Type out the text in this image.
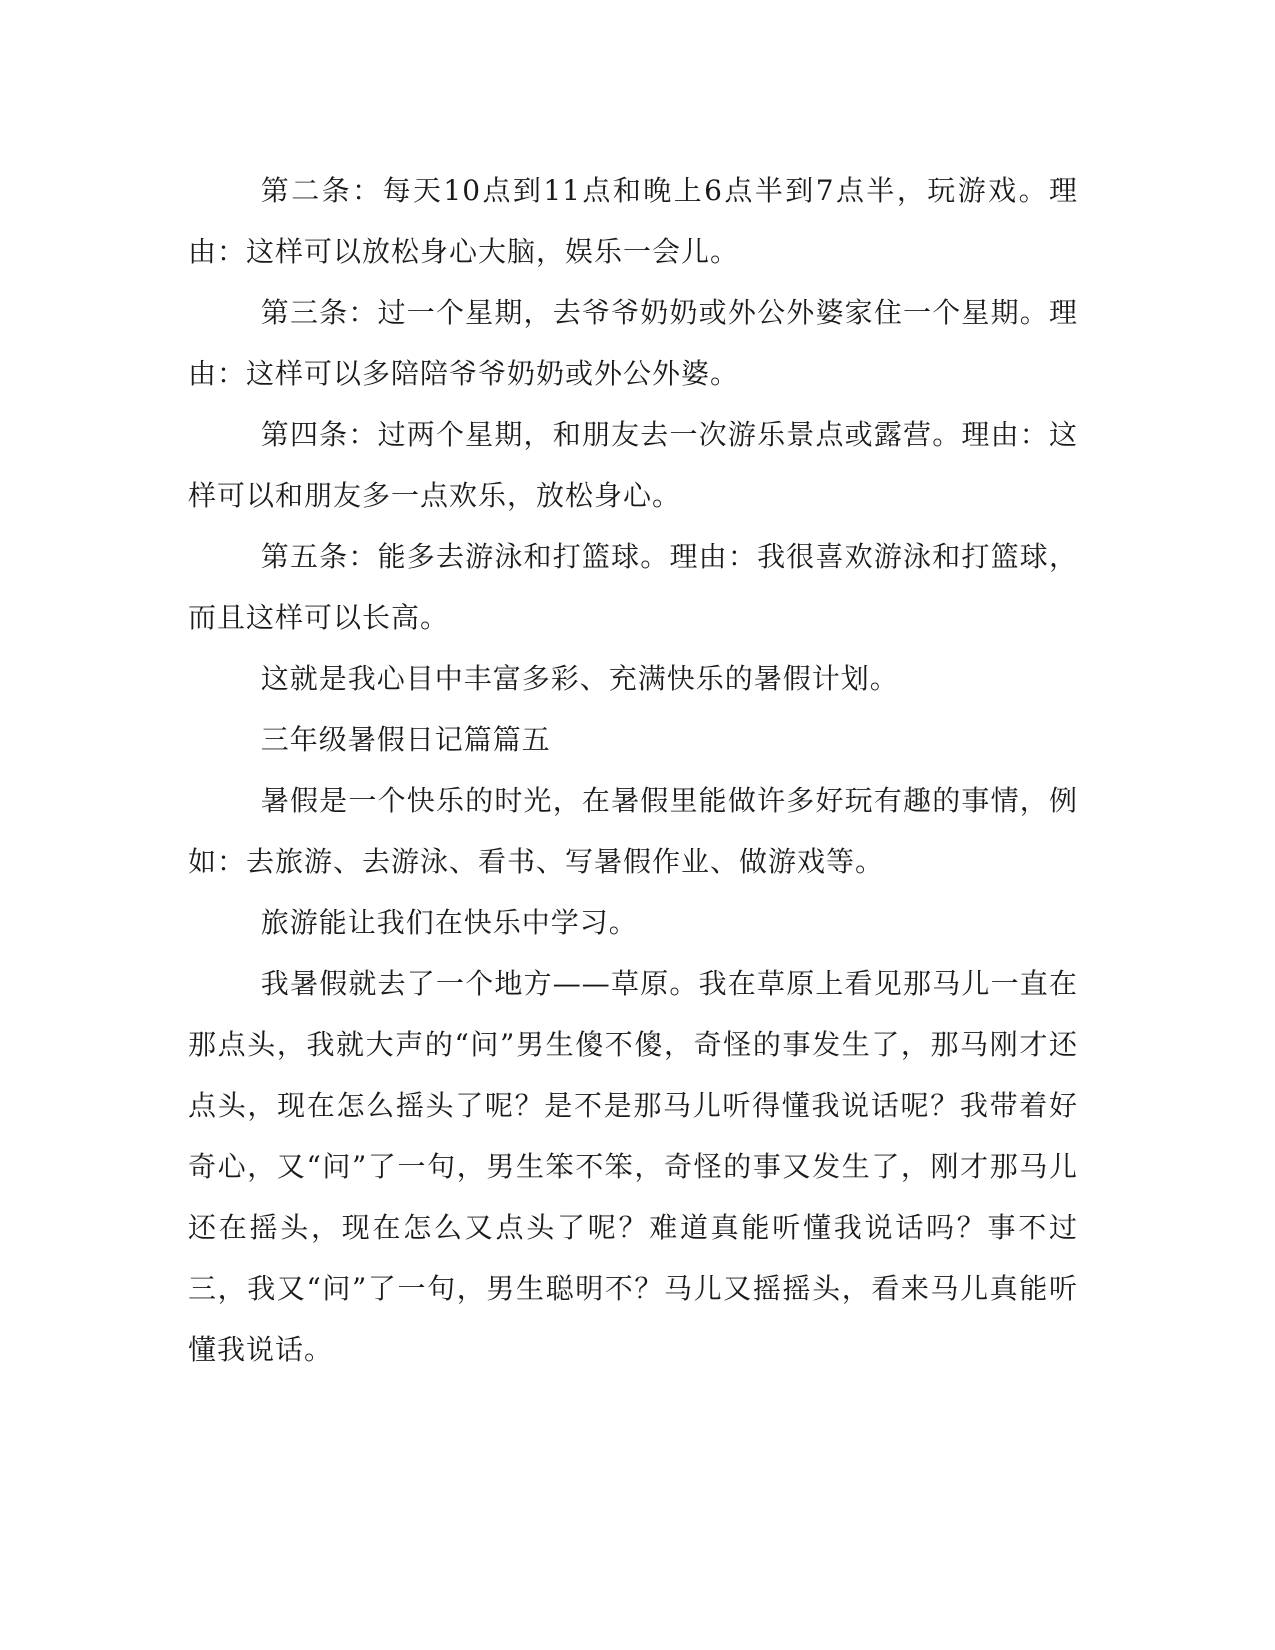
第二条：每天10点到11点和晚上6点半到7点半，玩游戏。理由：这样可以放松身心大脑，娱乐一会儿。

第三条：过一个星期，去爷爷奶奶或外公外婆家住一个星期。理由：这样可以多陪陪爷爷奶奶或外公外婆。

第四条：过两个星期，和朋友去一次游乐景点或露营。理由：这样可以和朋友多一点欢乐，放松身心。

第五条：能多去游泳和打篮球。理由：我很喜欢游泳和打篮球，而且这样可以长高。

这就是我心目中丰富多彩、充满快乐的暑假计划。

三年级暑假日记篇篇五

暑假是一个快乐的时光，在暑假里能做许多好玩有趣的事情，例如：去旅游、去游泳、看书、写暑假作业、做游戏等。

旅游能让我们在快乐中学习。

我暑假就去了一个地方——草原。我在草原上看见那马儿一直在那点头，我就大声的“问”男生傻不傻，奇怪的事发生了，那马刚才还点头，现在怎么摇头了呢？是不是那马儿听得懂我说话呢？我带着好奇心，又“问”了一句，男生笨不笨，奇怪的事又发生了，刚才那马儿还在摇头，现在怎么又点头了呢？难道真能听懂我说话吗？事不过三，我又“问”了一句，男生聪明不？马儿又摇摇头，看来马儿真能听懂我说话。
